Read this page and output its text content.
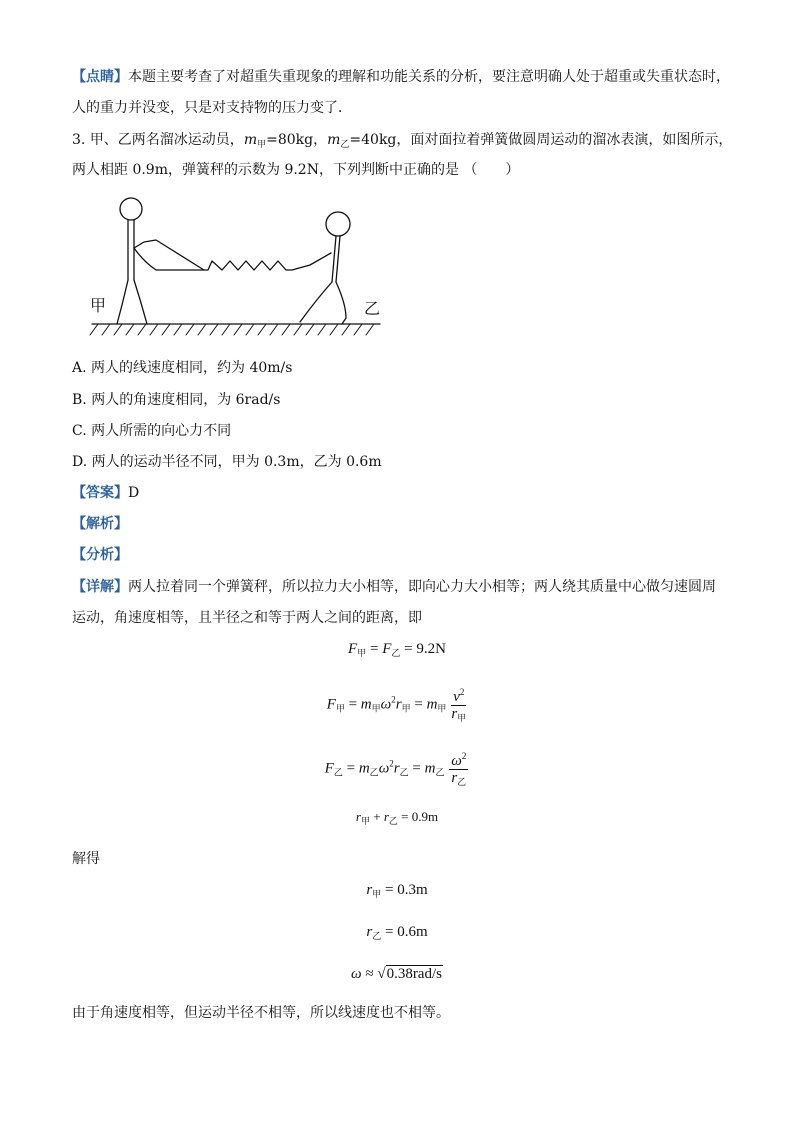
【点睛】本题主要考查了对超重失重现象的理解和功能关系的分析，要注意明确人处于超重或失重状态时，
人的重力并没变，只是对支持物的压力变了．
3. 甲、乙两名溜冰运动员，$m_甲=80kg$，$m_乙=40kg$，面对面拉着弹簧做圆周运动的溜冰表演，如图所示，
两人相距 0.9m，弹簧秤的示数为 9.2N，下列判断中正确的是 （　　）
甲	乙
A. 两人的线速度相同，约为 40m/s
B. 两人的角速度相同，为 6rad/s
C. 两人所需的向心力不同
D. 两人的运动半径不同，甲为 0.3m，乙为 0.6m
【答案】D
【解析】
【分析】
【详解】两人拉着同一个弹簧秤，所以拉力大小相等，即向心力大小相等；两人绕其质量中心做匀速圆周
运动，角速度相等，且半径之和等于两人之间的距离，即
$F_甲 = F_乙 = 9.2N$
$F_甲 = m_甲\omega^2r_甲 = m_甲 \frac{v^2}{r_甲}$
$F_乙 = m_乙\omega^2r_乙 = m_乙 \frac{\omega^2}{r_乙}$
$r_甲 + r_乙 = 0.9m$
解得
$r_甲 = 0.3m$
$r_乙 = 0.6m$
ω ≈ √0.38rad/s
由于角速度相等，但运动半径不相等，所以线速度也不相等。
